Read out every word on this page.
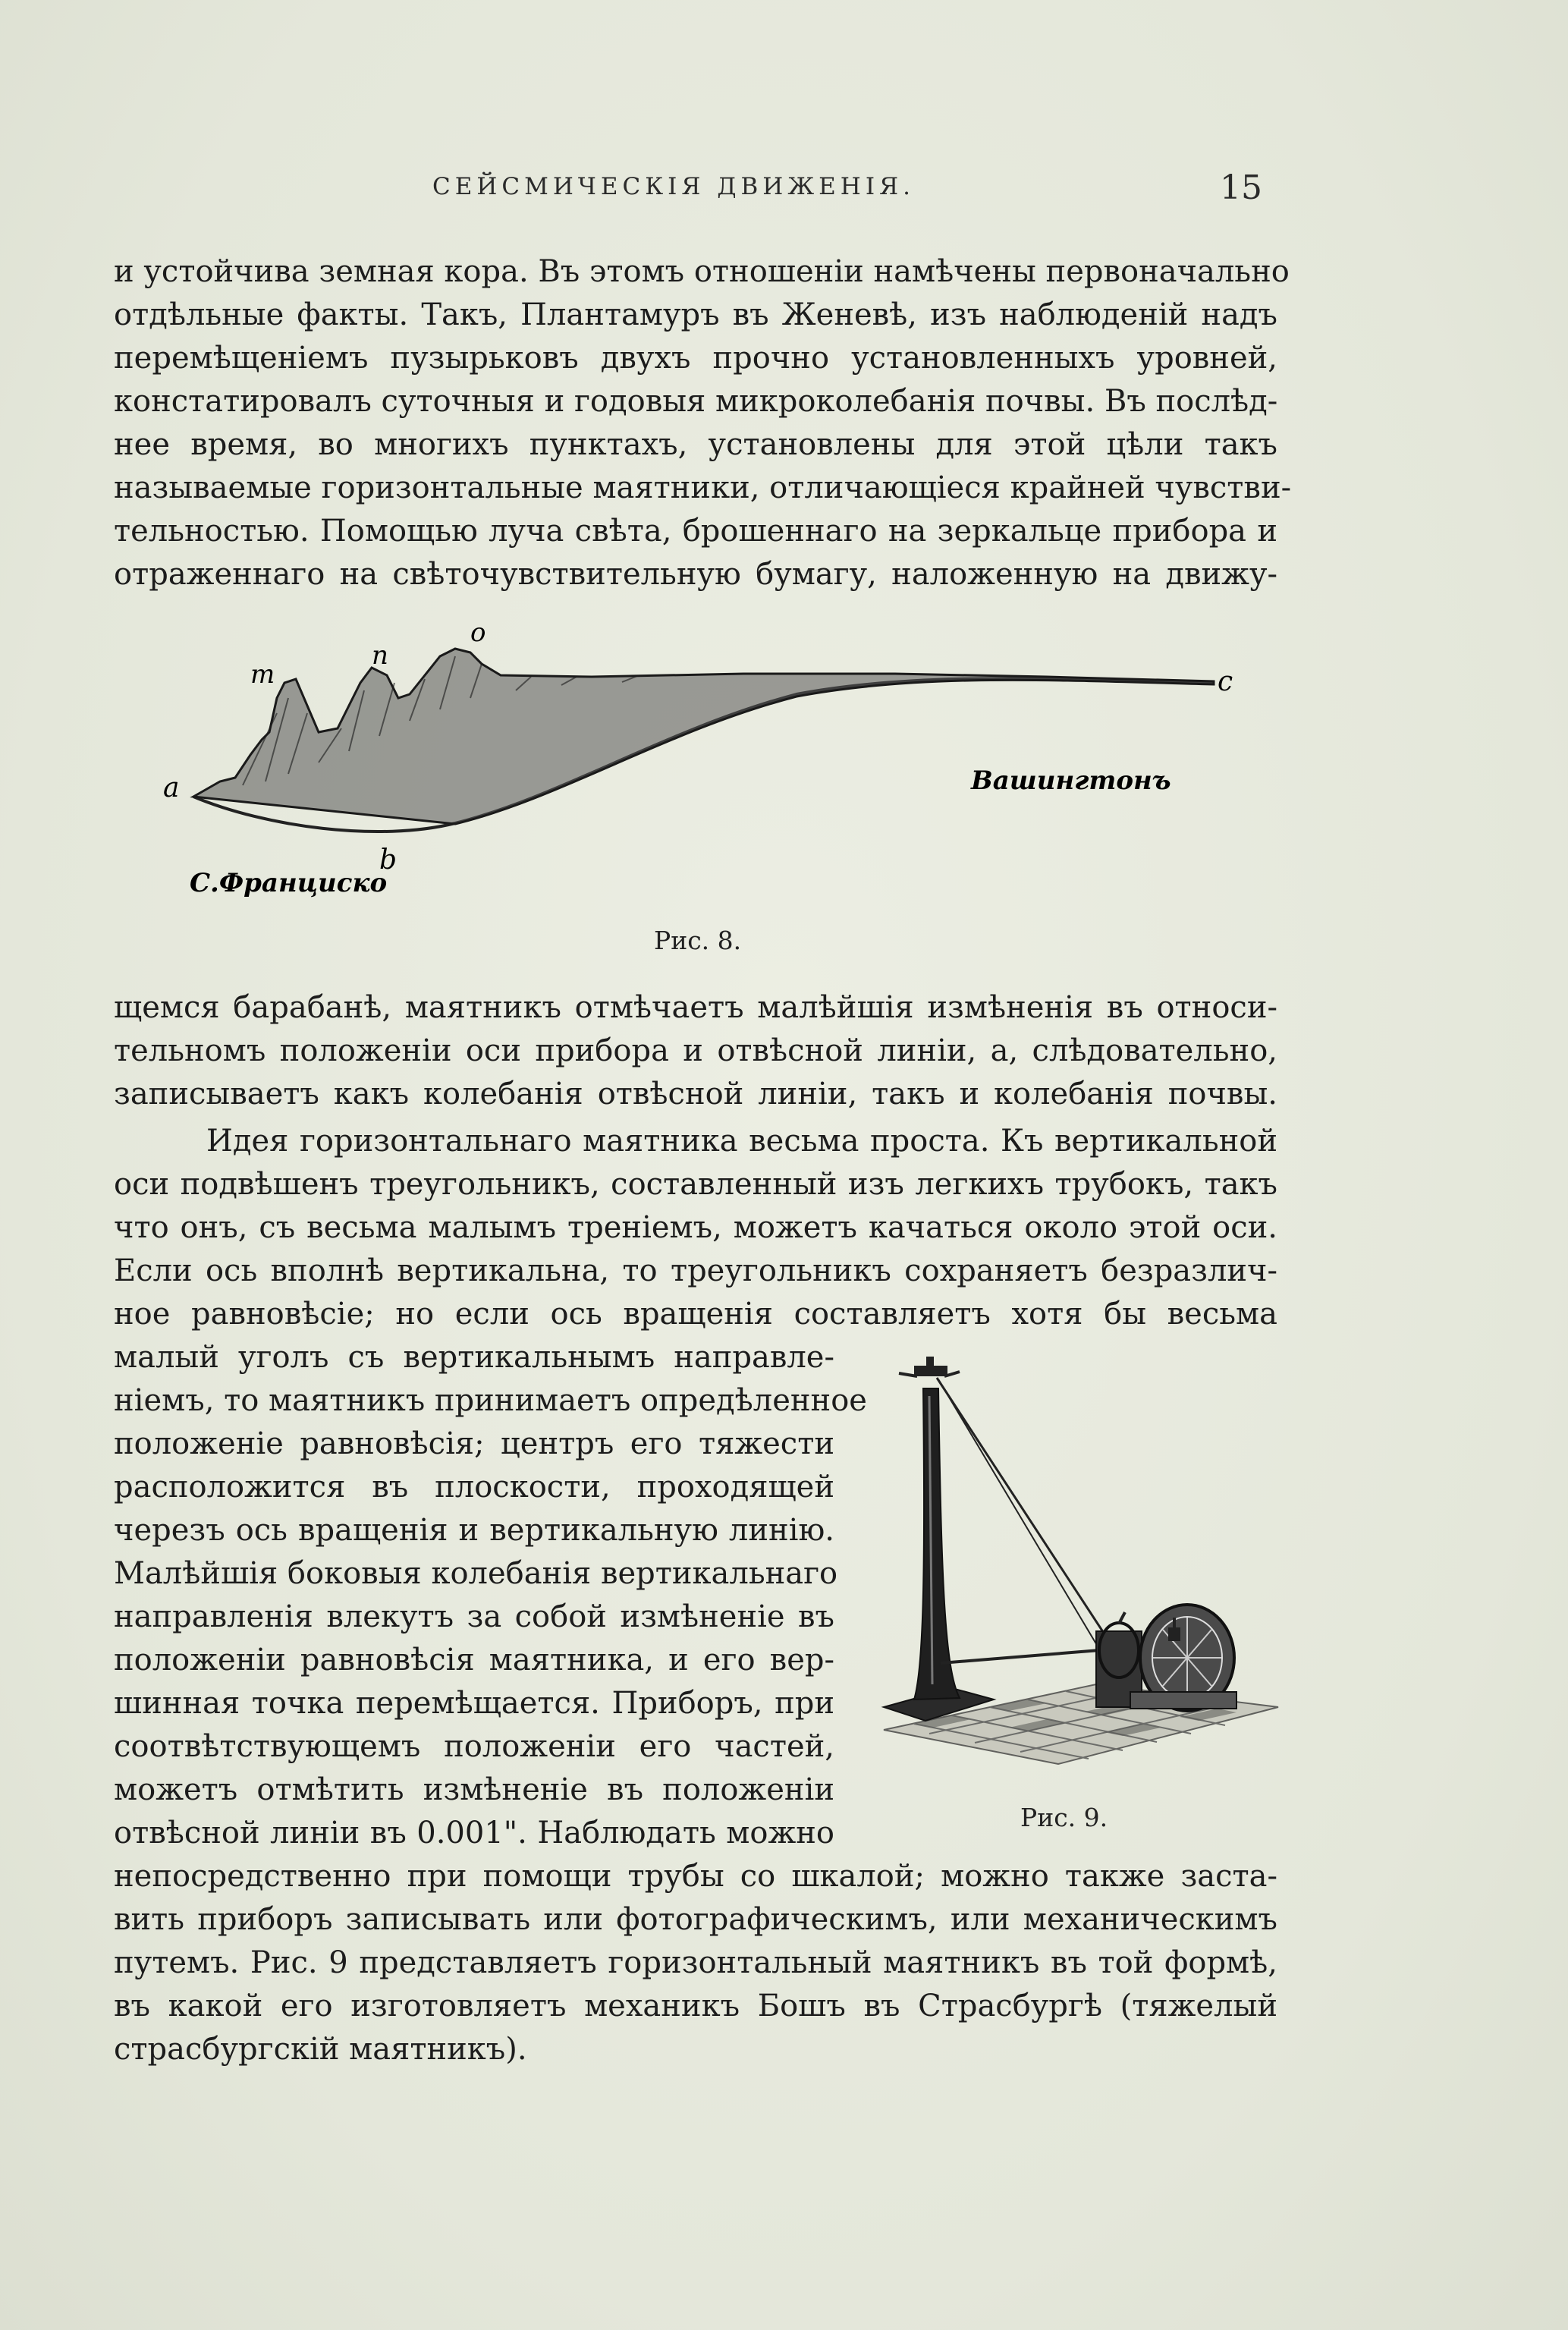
СЕЙСМИЧЕСКІЯ ДВИЖЕНІЯ.	15
и устойчива земная кора. Въ этомъ отношеніи намѣчены первоначально
отдѣльные факты. Такъ, Плантамуръ въ Женевѣ, изъ наблюденій надъ
перемѣщеніемъ пузырьковъ двухъ прочно установленныхъ уровней,
констатировалъ суточныя и годовыя микроколебанія почвы. Въ послѣд-
нее время, во многихъ пунктахъ, установлены для этой цѣли такъ
называемые горизонтальные маятники, отличающіеся крайней чувстви-
тельностью. Помощью луча свѣта, брошеннаго на зеркальце прибора и
отраженнаго на свѣточувствительную бумагу, наложенную на движу-
a
b
c
m
n
o
Вашингтонъ
С.Франциско
Рис. 8.
щемся барабанѣ, маятникъ отмѣчаетъ малѣйшія измѣненія въ относи-
тельномъ положеніи оси прибора и отвѣсной линіи, а, слѣдовательно,
записываетъ какъ колебанія отвѣсной линіи, такъ и колебанія почвы.
Идея горизонтальнаго маятника весьма проста. Къ вертикальной
оси подвѣшенъ треугольникъ, составленный изъ легкихъ трубокъ, такъ
что онъ, съ весьма малымъ треніемъ, можетъ качаться около этой оси.
Если ось вполнѣ вертикальна, то треугольникъ сохраняетъ безразлич-
ное равновѣсіе; но если ось вращенія составляетъ хотя бы весьма
малый уголъ съ вертикальнымъ направле-
ніемъ, то маятникъ принимаетъ опредѣленное
положеніе равновѣсія; центръ его тяжести
расположится въ плоскости, проходящей
черезъ ось вращенія и вертикальную линію.
Малѣйшія боковыя колебанія вертикальнаго
направленія влекутъ за собой измѣненіе въ
положеніи равновѣсія маятника, и его вер-
шинная точка перемѣщается. Приборъ, при
соотвѣтствующемъ положеніи его частей,
можетъ отмѣтить измѣненіе въ положеніи
отвѣсной линіи въ 0.001". Наблюдать можно
непосредственно при помощи трубы со шкалой; можно также заста-
вить приборъ записывать или фотографическимъ, или механическимъ
путемъ. Рис. 9 представляетъ горизонтальный маятникъ въ той формѣ,
въ какой его изготовляетъ механикъ Бошъ въ Страсбургѣ (тяжелый
страсбургскій маятникъ).
Рис. 9.
